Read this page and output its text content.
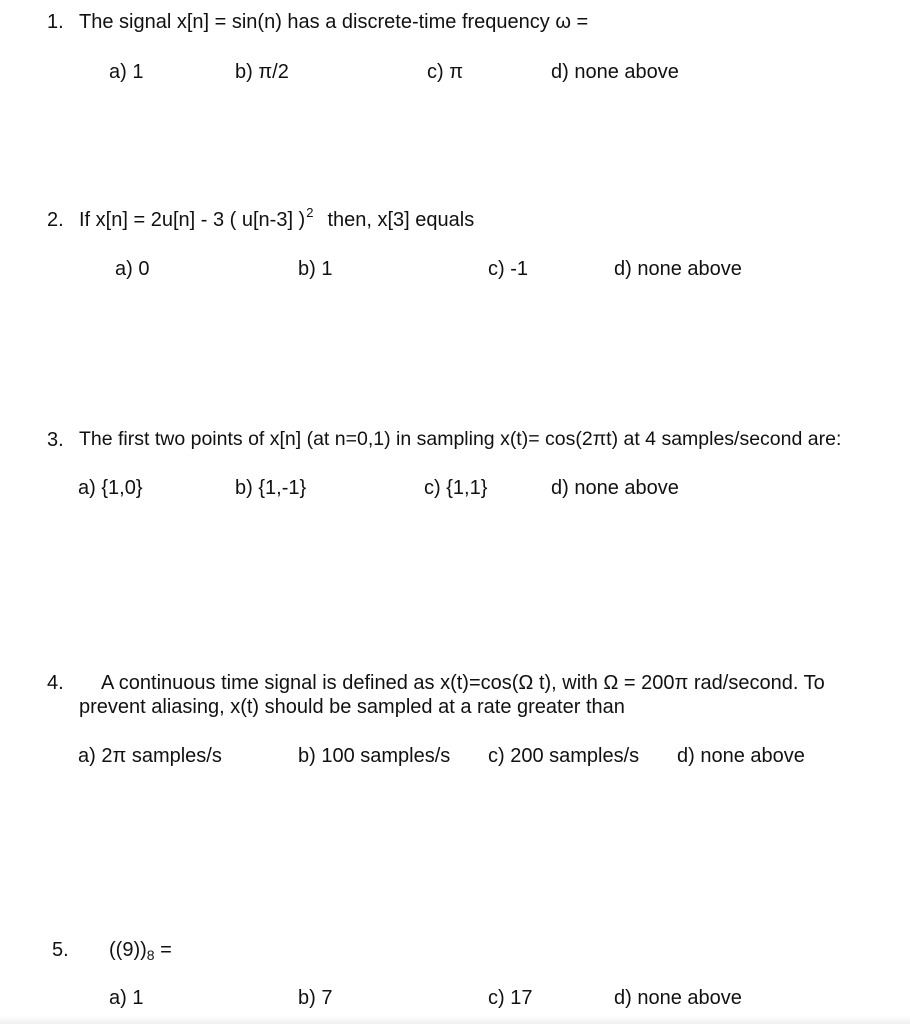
1. The signal x[n] = sin(n) has a discrete-time frequency ω =
a) 1	b) π/2	c) π	d) none above
2. If x[n] = 2u[n] - 3 ( u[n-3] )$^2$ then, x[3] equals
a) 0	b) 1	c) -1	d) none above
3. The first two points of x[n] (at n=0,1) in sampling x(t)= cos(2πt) at 4 samples/second are:
a) {1,0}	b) {1,-1}	c) {1,1}	d) none above
4. A continuous time signal is defined as x(t)=cos(Ω t), with Ω = 200π rad/second. To
prevent aliasing, x(t) should be sampled at a rate greater than
a) 2π samples/s	b) 100 samples/s c) 200 samples/s d) none above
5. $((9))_8$ =
a) 1	b) 7	c) 17	d) none above
